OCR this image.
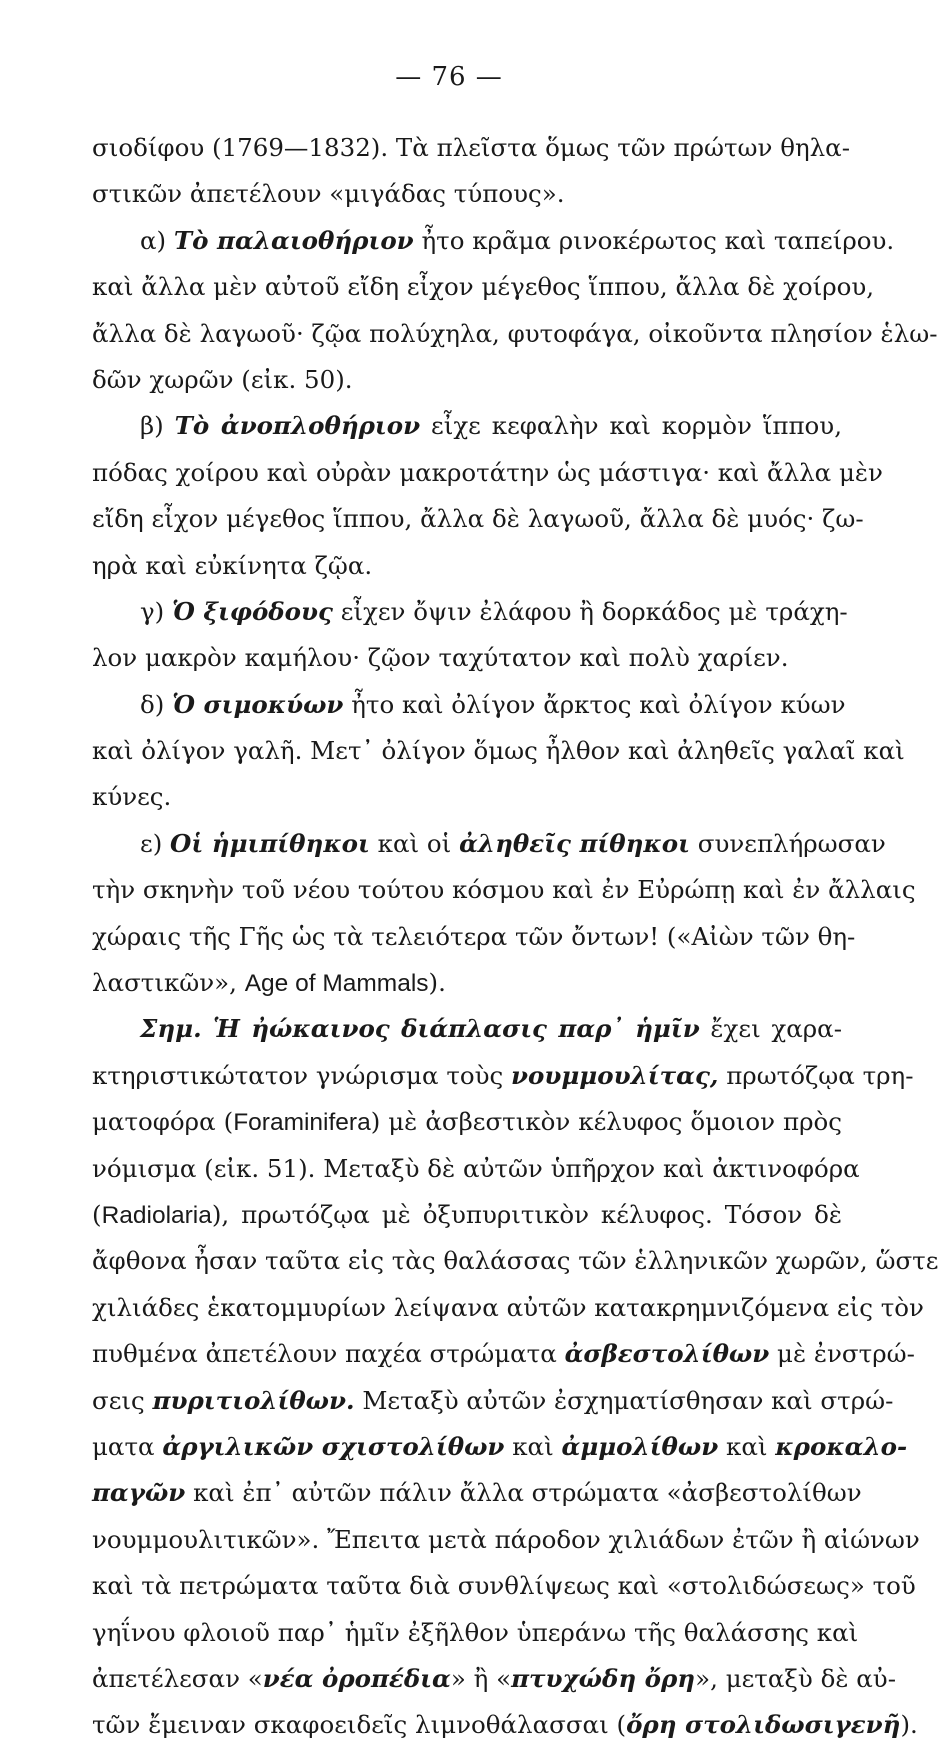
— 76 —
σιοδίφου (1769—1832). Τὰ πλεῖστα ὅμως τῶν πρώτων θηλα-
στικῶν ἀπετέλουν «μιγάδας τύπους».
α) Τὸ παλαιοθήριον ἦτο κρᾶμα ρινοκέρωτος καὶ ταπείρου.
καὶ ἄλλα μὲν αὐτοῦ εἴδη εἶχον μέγεθος ἵππου, ἄλλα δὲ χοίρου,
ἄλλα δὲ λαγωοῦ· ζῷα πολύχηλα, φυτοφάγα, οἰκοῦντα πλησίον ἑλω-
δῶν χωρῶν (εἰκ. 50).
β) Τὸ ἀνοπλοθήριον εἶχε κεφαλὴν καὶ κορμὸν ἵππου,
πόδας χοίρου καὶ οὐρὰν μακροτάτην ὡς μάστιγα· καὶ ἄλλα μὲν
εἴδη εἶχον μέγεθος ἵππου, ἄλλα δὲ λαγωοῦ, ἄλλα δὲ μυός· ζω-
ηρὰ καὶ εὐκίνητα ζῷα.
γ) Ὁ ξιφόδους εἶχεν ὄψιν ἐλάφου ἢ δορκάδος μὲ τράχη-
λον μακρὸν καμήλου· ζῷον ταχύτατον καὶ πολὺ χαρίεν.
δ) Ὁ σιμοκύων ἦτο καὶ ὀλίγον ἄρκτος καὶ ὀλίγον κύων
καὶ ὀλίγον γαλῆ. Μετ᾿ ὀλίγον ὅμως ἦλθον καὶ ἀληθεῖς γαλαῖ καὶ
κύνες.
ε) Οἱ ἡμιπίθηκοι καὶ οἱ ἀληθεῖς πίθηκοι συνεπλήρωσαν
τὴν σκηνὴν τοῦ νέου τούτου κόσμου καὶ ἐν Εὐρώπῃ καὶ ἐν ἄλλαις
χώραις τῆς Γῆς ὡς τὰ τελειότερα τῶν ὄντων! («Αἰὼν τῶν θη-
λαστικῶν», Age of Mammals).
Σημ. Ἡ ἠώκαινος διάπλασις παρ᾿ ἡμῖν ἔχει χαρα-
κτηριστικώτατον γνώρισμα τοὺς νουμμουλίτας, πρωτόζῳα τρη-
ματοφόρα (Foraminifera) μὲ ἀσβεστικὸν κέλυφος ὅμοιον πρὸς
νόμισμα (εἰκ. 51). Μεταξὺ δὲ αὐτῶν ὑπῆρχον καὶ ἀκτινοφόρα
(Radiolaria), πρωτόζῳα μὲ ὀξυπυριτικὸν κέλυφος. Τόσον δὲ
ἄφθονα ἦσαν ταῦτα εἰς τὰς θαλάσσας τῶν ἑλληνικῶν χωρῶν, ὥστε
χιλιάδες ἑκατομμυρίων λείψανα αὐτῶν κατακρημνιζόμενα εἰς τὸν
πυθμένα ἀπετέλουν παχέα στρώματα ἀσβεστολίθων μὲ ἐνστρώ-
σεις πυριτιολίθων. Μεταξὺ αὐτῶν ἐσχηματίσθησαν καὶ στρώ-
ματα ἀργιλικῶν σχιστολίθων καὶ ἀμμολίθων καὶ κροκαλο-
παγῶν καὶ ἐπ᾿ αὐτῶν πάλιν ἄλλα στρώματα «ἀσβεστολίθων
νουμμουλιτικῶν». Ἔπειτα μετὰ πάροδον χιλιάδων ἐτῶν ἢ αἰώνων
καὶ τὰ πετρώματα ταῦτα διὰ συνθλίψεως καὶ «στολιδώσεως» τοῦ
γηΐνου φλοιοῦ παρ᾿ ἡμῖν ἐξῆλθον ὑπεράνω τῆς θαλάσσης καὶ
ἀπετέλεσαν «νέα ὀροπέδια» ἢ «πτυχώδη ὄρη», μεταξὺ δὲ αὐ-
τῶν ἔμειναν σκαφοειδεῖς λιμνοθάλασσαι (ὄρη στολιδωσιγενῆ).
